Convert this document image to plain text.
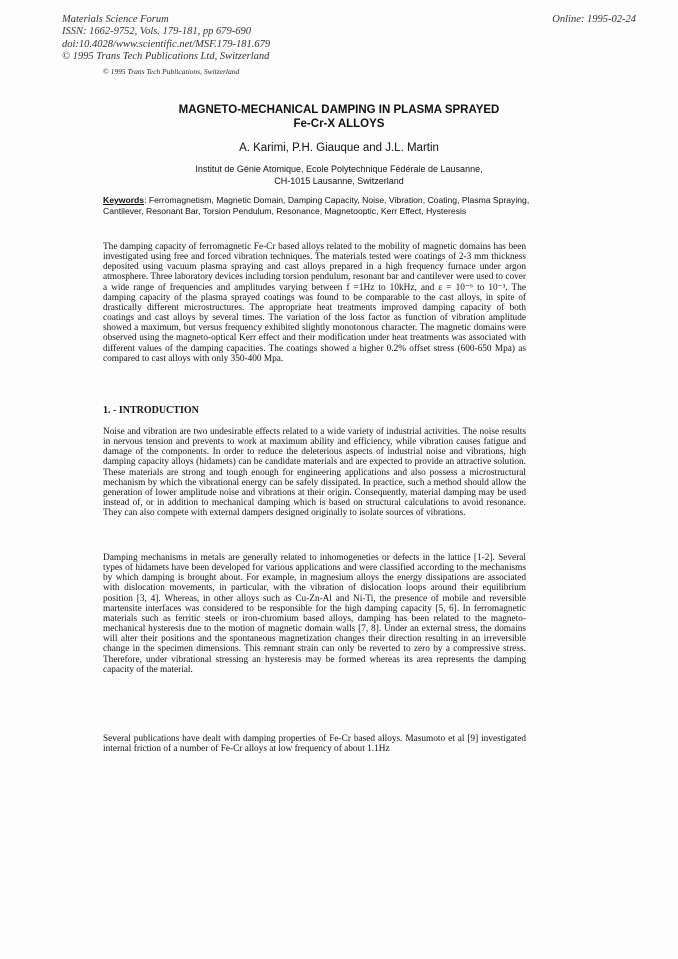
Materials Science Forum
ISSN: 1662-9752, Vols. 179-181, pp 679-690
doi:10.4028/www.scientific.net/MSF.179-181.679
© 1995 Trans Tech Publications Ltd, Switzerland
Online: 1995-02-24
© 1995 Trans Tech Publications, Switzerland
MAGNETO-MECHANICAL DAMPING IN PLASMA SPRAYED
Fe-Cr-X ALLOYS
A. Karimi, P.H. Giauque and J.L. Martin
Institut de Génie Atomique, Ecole Polytechnique Fédérale de Lausanne,
CH-1015 Lausanne, Switzerland
Keywords: Ferromagnetism, Magnetic Domain, Damping Capacity, Noise, Vibration, Coating, Plasma Spraying, Cantilever, Resonant Bar, Torsion Pendulum, Resonance, Magnetooptic, Kerr Effect, Hysteresis
The damping capacity of ferromagnetic Fe-Cr based alloys related to the mobility of magnetic domains has been investigated using free and forced vibration techniques. The materials tested were coatings of 2-3 mm thickness deposited using vacuum plasma spraying and cast alloys prepared in a high frequency furnace under argon atmosphere. Three laboratory devices including torsion pendulum, resonant bar and cantilever were used to cover a wide range of frequencies and amplitudes varying between f =1Hz to 10kHz, and ε = 10⁻⁶ to 10⁻³. The damping capacity of the plasma sprayed coatings was found to be comparable to the cast alloys, in spite of drastically different microstructures. The appropriate heat treatments improved damping capacity of both coatings and cast alloys by several times. The variation of the loss factor as function of vibration amplitude showed a maximum, but versus frequency exhibited slightly monotonous character. The magnetic domains were observed using the magneto-optical Kerr effect and their modification under heat treatments was associated with different values of the damping capacities. The coatings showed a higher 0.2% offset stress (600-650 Mpa) as compared to cast alloys with only 350-400 Mpa.
1. - INTRODUCTION
Noise and vibration are two undesirable effects related to a wide variety of industrial activities. The noise results in nervous tension and prevents to work at maximum ability and efficiency, while vibration causes fatigue and damage of the components. In order to reduce the deleterious aspects of industrial noise and vibrations, high damping capacity alloys (hidamets) can be candidate materials and are expected to provide an attractive solution. These materials are strong and tough enough for engineering applications and also possess a microstructural mechanism by which the vibrational energy can be safely dissipated. In practice, such a method should allow the generation of lower amplitude noise and vibrations at their origin. Consequently, material damping may be used instead of, or in addition to mechanical damping which is based on structural calculations to avoid resonance. They can also compete with external dampers designed originally to isolate sources of vibrations.
Damping mechanisms in metals are generally related to inhomogeneties or defects in the lattice [1-2]. Several types of hidamets have been developed for various applications and were classified according to the mechanisms by which damping is brought about. For example, in magnesium alloys the energy dissipations are associated with dislocation movements, in particular, with the vibration of dislocation loops around their equilibrium position [3, 4]. Whereas, in other alloys such as Cu-Zn-Al and Ni-Ti, the presence of mobile and reversible martensite interfaces was considered to be responsible for the high damping capacity [5, 6]. In ferromagnetic materials such as ferritic steels or iron-chromium based alloys, damping has been related to the magneto-mechanical hysteresis due to the motion of magnetic domain walls [7, 8]. Under an external stress, the domains will alter their positions and the spontaneous magnetization changes their direction resulting in an irreversible change in the specimen dimensions. This remnant strain can only be reverted to zero by a compressive stress. Therefore, under vibrational stressing an hysteresis may be formed whereas its area represents the damping capacity of the material.
Several publications have dealt with damping properties of Fe-Cr based alloys. Masumoto et al [9] investigated internal friction of a number of Fe-Cr alloys at low frequency of about 1.1Hz
